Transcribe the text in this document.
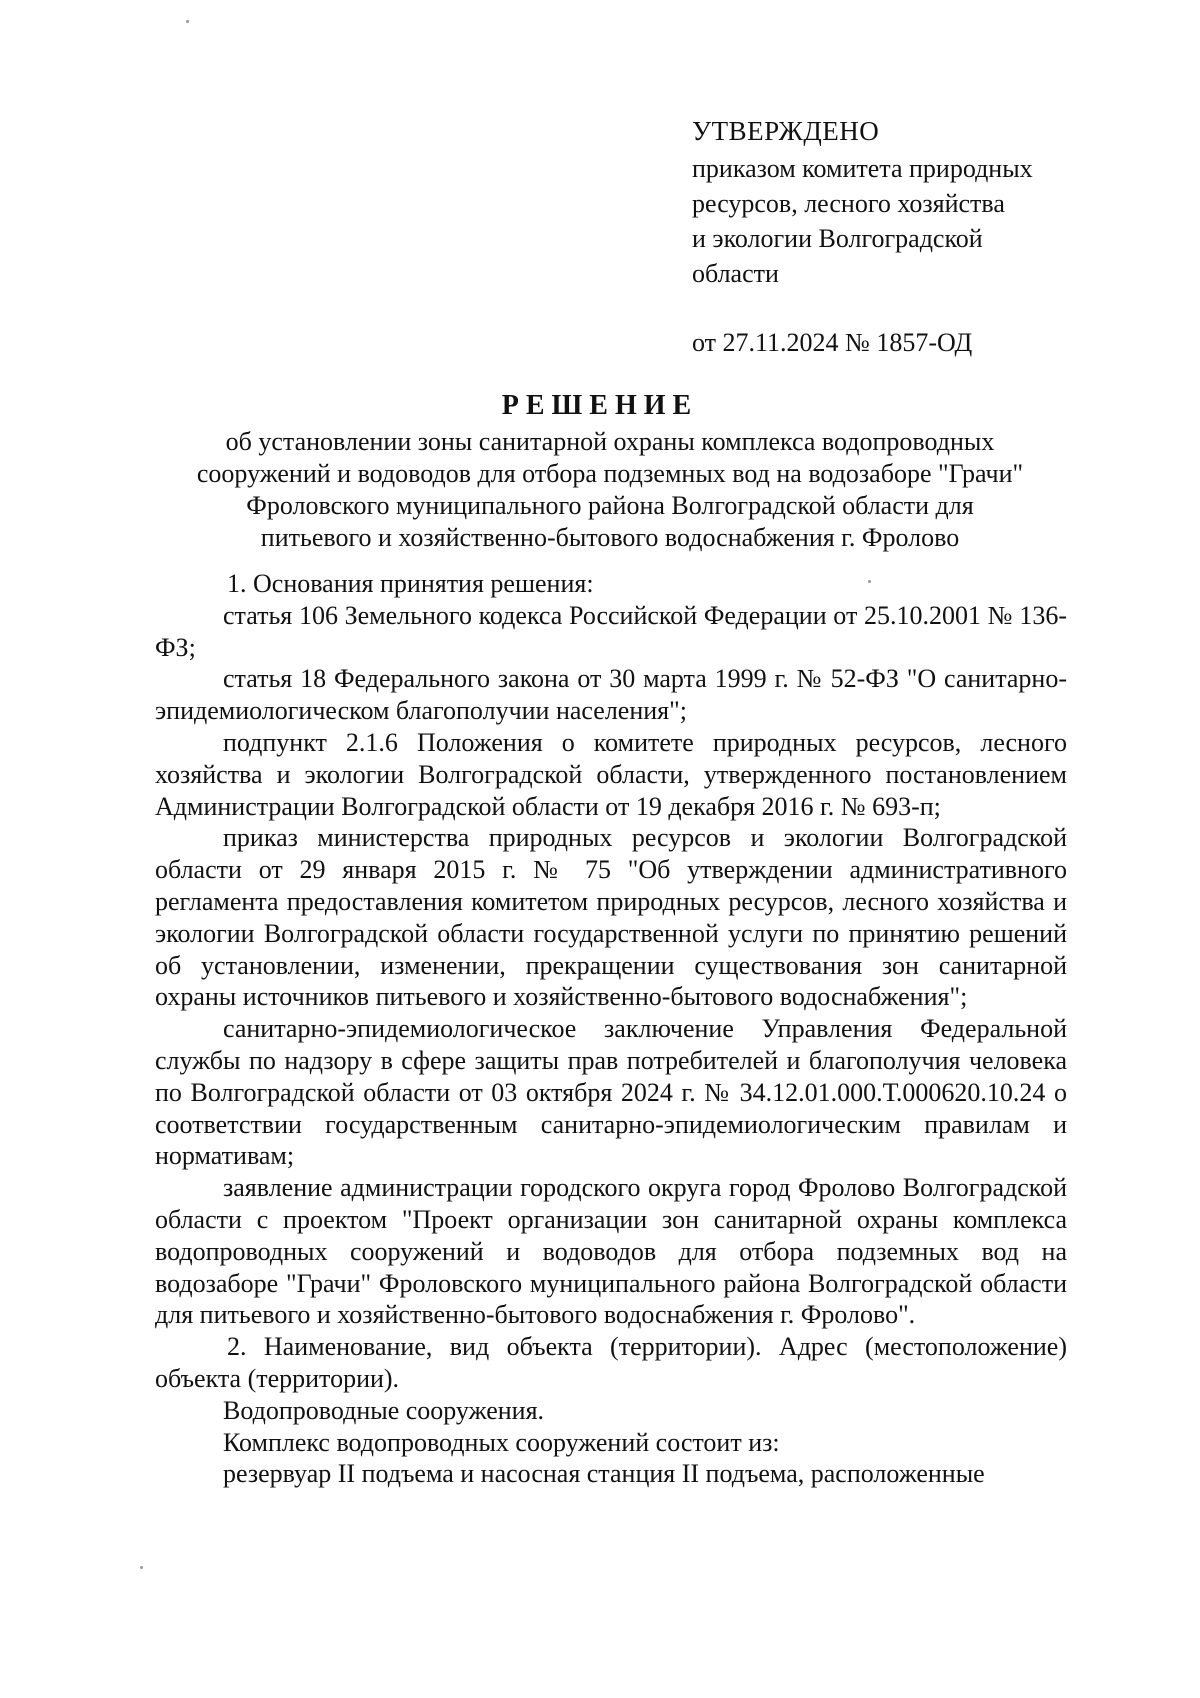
УТВЕРЖДЕНО
приказом комитета природных
ресурсов, лесного хозяйства
и экологии Волгоградской
области
от 27.11.2024 № 1857-ОД
РЕШЕНИЕ
об установлении зоны санитарной охраны комплекса водопроводных
сооружений и водоводов для отбора подземных вод на водозаборе "Грачи"
Фроловского муниципального района Волгоградской области для
питьевого и хозяйственно-бытового водоснабжения г. Фролово

1. Основания принятия решения:

статья 106 Земельного кодекса Российской Федерации от 25.10.2001 № 136-ФЗ;

статья 18 Федерального закона от 30 марта 1999 г. № 52-ФЗ "О санитарно-эпидемиологическом благополучии населения";

подпункт 2.1.6 Положения о комитете природных ресурсов, лесного хозяйства и экологии Волгоградской области, утвержденного постановлением Администрации Волгоградской области от 19 декабря 2016 г. № 693-п;

приказ министерства природных ресурсов и экологии Волгоградской области от 29 января 2015 г. № 75 "Об утверждении административного регламента предоставления комитетом природных ресурсов, лесного хозяйства и экологии Волгоградской области государственной услуги по принятию решений об установлении, изменении, прекращении существования зон санитарной охраны источников питьевого и хозяйственно-бытового водоснабжения";

санитарно-эпидемиологическое заключение Управления Федеральной службы по надзору в сфере защиты прав потребителей и благополучия человека по Волгоградской области от 03 октября 2024 г. № 34.12.01.000.Т.000620.10.24 о соответствии государственным санитарно-эпидемиологическим правилам и нормативам;

заявление администрации городского округа город Фролово Волгоградской области с проектом "Проект организации зон санитарной охраны комплекса водопроводных сооружений и водоводов для отбора подземных вод на водозаборе "Грачи" Фроловского муниципального района Волгоградской области для питьевого и хозяйственно-бытового водоснабжения г. Фролово".

2. Наименование, вид объекта (территории). Адрес (местоположение) объекта (территории).

Водопроводные сооружения.

Комплекс водопроводных сооружений состоит из:

резервуар II подъема и насосная станция II подъема, расположенные
